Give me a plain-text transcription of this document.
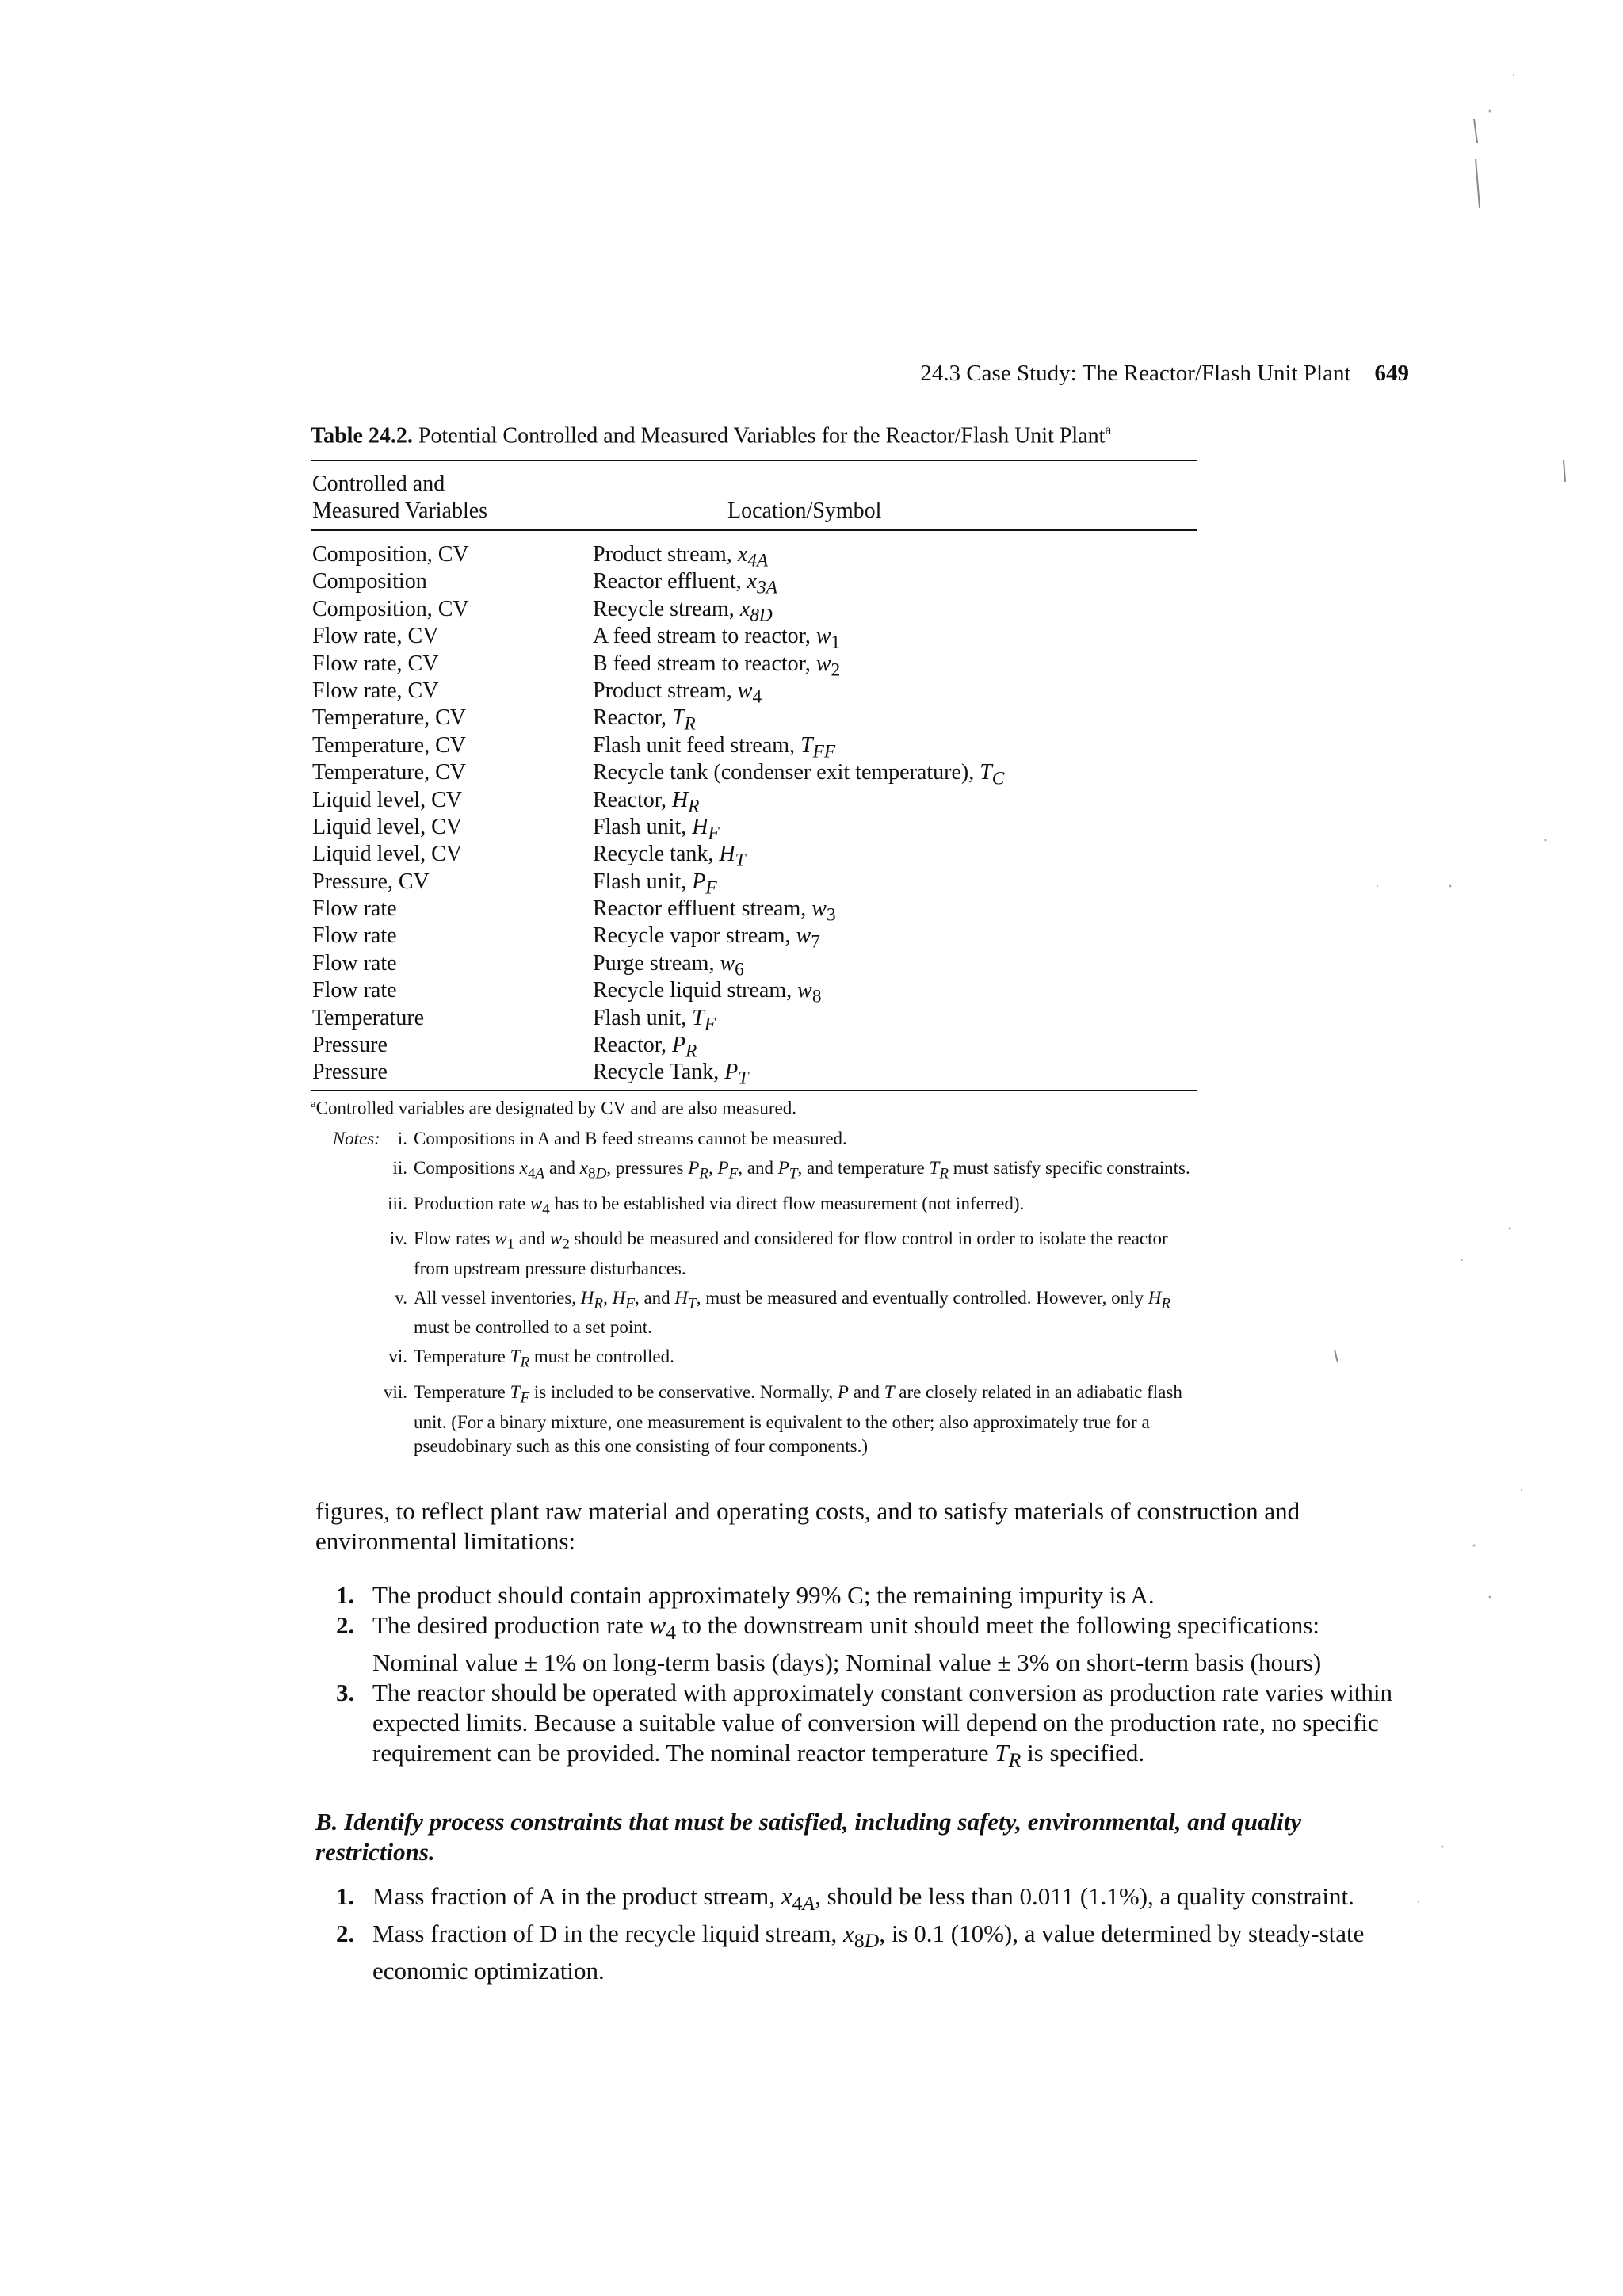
24.3 Case Study: The Reactor/Flash Unit Plant 649
Table 24.2. Potential Controlled and Measured Variables for the Reactor/Flash Unit Plant$^a$
Controlled and
Measured Variables	Location/Symbol
Composition, CV	Product stream, $x_{4A}$
Composition	Reactor effluent, $x_{3A}$
Composition, CV	Recycle stream, $x_{8D}$
Flow rate, CV	A feed stream to reactor, $w_1$
Flow rate, CV	B feed stream to reactor, $w_2$
Flow rate, CV	Product stream, $w_4$
Temperature, CV	Reactor, $T_R$
Temperature, CV	Flash unit feed stream, $T_{FF}$
Temperature, CV	Recycle tank (condenser exit temperature), $T_C$
Liquid level, CV	Reactor, $H_R$
Liquid level, CV	Flash unit, $H_F$
Liquid level, CV	Recycle tank, $H_T$
Pressure, CV	Flash unit, $P_F$
Flow rate	Reactor effluent stream, $w_3$
Flow rate	Recycle vapor stream, $w_7$
Flow rate	Purge stream, $w_6$
Flow rate	Recycle liquid stream, $w_8$
Temperature	Flash unit, $T_F$
Pressure	Reactor, $P_R$
Pressure	Recycle Tank, $P_T$
$^a$Controlled variables are designated by CV and are also measured.
Notes: i. Compositions in A and B feed streams cannot be measured.
ii. Compositions $x_{4A}$ and $x_{8D}$, pressures $P_R$, $P_F$, and $P_T$, and temperature $T_R$ must satisfy specific constraints.
iii. Production rate $w_4$ has to be established via direct flow measurement (not inferred).
iv. Flow rates $w_1$ and $w_2$ should be measured and considered for flow control in order to isolate the reactor from upstream pressure disturbances.
v. All vessel inventories, $H_R$, $H_F$, and $H_T$, must be measured and eventually controlled. However, only $H_R$ must be controlled to a set point.
vi. Temperature $T_R$ must be controlled.
vii. Temperature $T_F$ is included to be conservative. Normally, P and T are closely related in an adiabatic flash unit. (For a binary mixture, one measurement is equivalent to the other; also approximately true for a pseudobinary such as this one consisting of four components.)
figures, to reflect plant raw material and operating costs, and to satisfy materials of construction and environmental limitations:
1. The product should contain approximately 99% C; the remaining impurity is A.
2. The desired production rate $w_4$ to the downstream unit should meet the following specifications: Nominal value ± 1% on long-term basis (days); Nominal value ± 3% on short-term basis (hours)
3. The reactor should be operated with approximately constant conversion as production rate varies within expected limits. Because a suitable value of conversion will depend on the production rate, no specific requirement can be provided. The nominal reactor temperature $T_R$ is specified.
B. Identify process constraints that must be satisfied, including safety, environmental, and quality restrictions.
1. Mass fraction of A in the product stream, $x_{4A}$, should be less than 0.011 (1.1%), a quality constraint.
2. Mass fraction of D in the recycle liquid stream, $x_{8D}$, is 0.1 (10%), a value determined by steady-state economic optimization.
